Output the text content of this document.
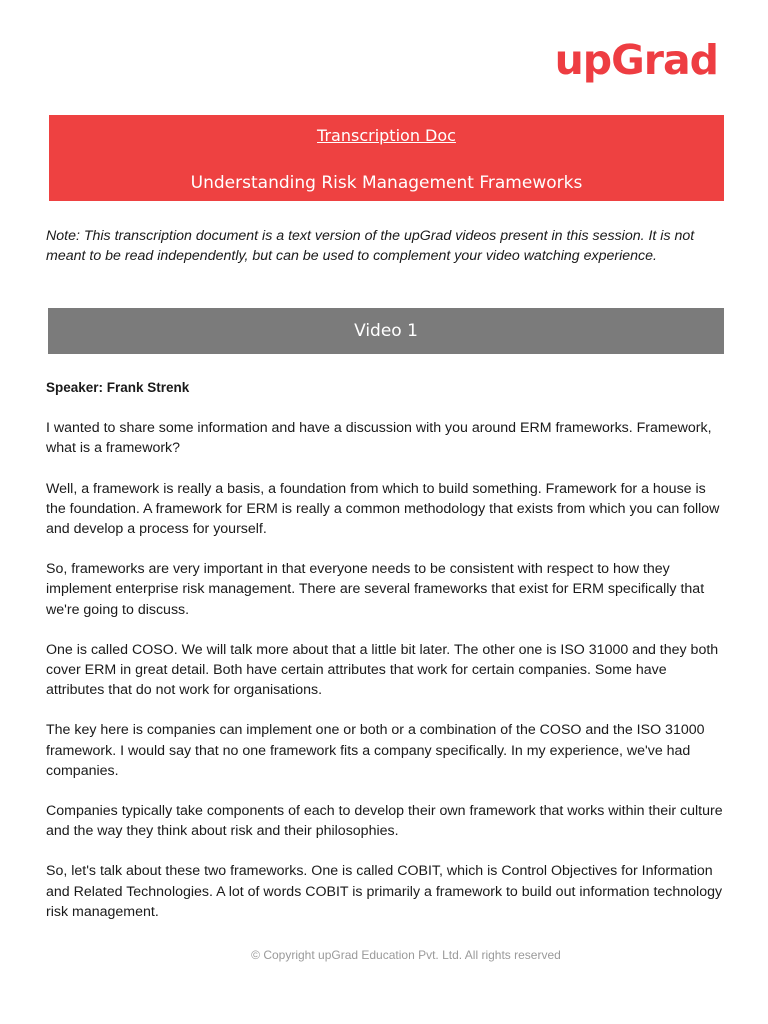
upGrad
Transcription Doc
Understanding Risk Management Frameworks
Note: This transcription document is a text version of the upGrad videos present in this session. It is not meant to be read independently, but can be used to complement your video watching experience.
Video 1

Speaker: Frank Strenk

I wanted to share some information and have a discussion with you around ERM frameworks. Framework, what is a framework?

Well, a framework is really a basis, a foundation from which to build something. Framework for a house is the foundation. A framework for ERM is really a common methodology that exists from which you can follow and develop a process for yourself.

So, frameworks are very important in that everyone needs to be consistent with respect to how they implement enterprise risk management. There are several frameworks that exist for ERM specifically that we're going to discuss.

One is called COSO. We will talk more about that a little bit later. The other one is ISO 31000 and they both cover ERM in great detail. Both have certain attributes that work for certain companies. Some have attributes that do not work for organisations.

The key here is companies can implement one or both or a combination of the COSO and the ISO 31000 framework. I would say that no one framework fits a company specifically. In my experience, we've had companies.

Companies typically take components of each to develop their own framework that works within their culture and the way they think about risk and their philosophies.

So, let's talk about these two frameworks. One is called COBIT, which is Control Objectives for Information and Related Technologies. A lot of words COBIT is primarily a framework to build out information technology risk management.

© Copyright upGrad Education Pvt. Ltd. All rights reserved
